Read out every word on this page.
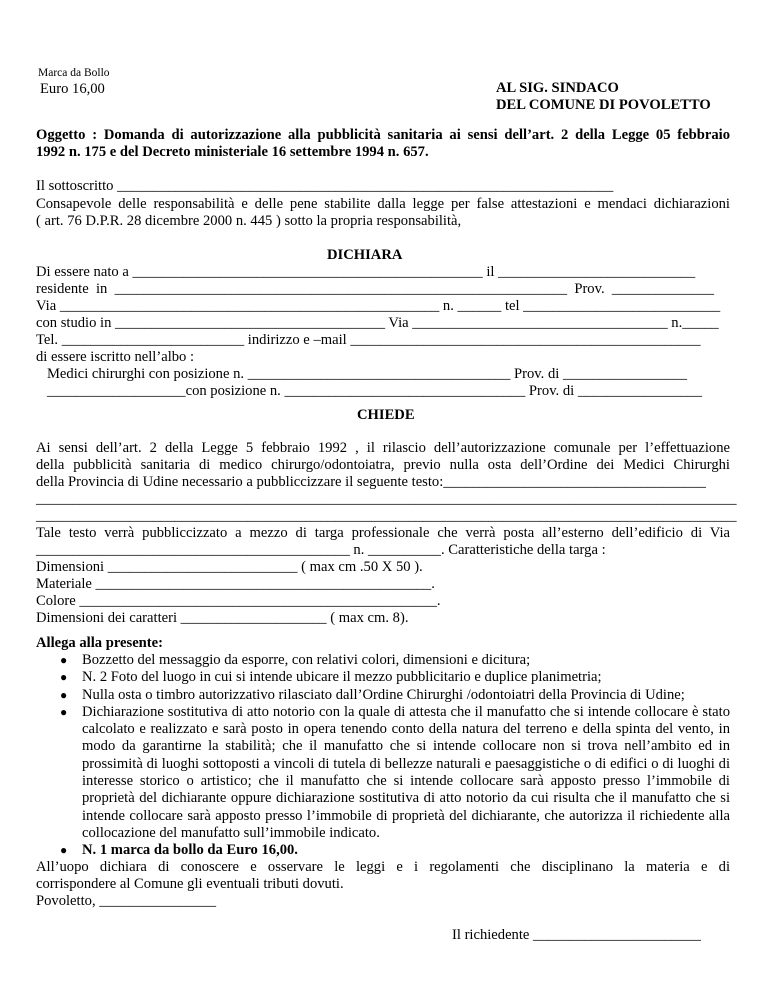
Marca da Bollo
Euro 16,00	AL SIG. SINDACO
DEL COMUNE DI POVOLETTO
Oggetto : Domanda di autorizzazione alla pubblicità sanitaria ai sensi dell’art. 2 della Legge 05 febbraio
1992 n. 175 e del Decreto ministeriale 16 settembre 1994 n. 657.
Il sottoscritto ____________________________________________________________________
Consapevole delle responsabilità e delle pene stabilite dalla legge per false attestazioni e mendaci dichiarazioni
( art. 76 D.P.R. 28 dicembre 2000 n. 445 ) sotto la propria responsabilità,
DICHIARA
Di essere nato a ________________________________________________ il ___________________________
residente  in  ______________________________________________________________  Prov.  ______________
Via ____________________________________________________ n. ______ tel ___________________________
con studio in _____________________________________ Via ___________________________________ n._____
Tel. _________________________ indirizzo e –mail ________________________________________________
di essere iscritto nell’albo :
Medici chirurghi con posizione n. ____________________________________ Prov. di _________________
___________________con posizione n. _________________________________ Prov. di _________________
CHIEDE
Ai sensi dell’art. 2 della Legge 5 febbraio 1992 , il rilascio dell’autorizzazione comunale per l’effettuazione
della pubblicità sanitaria di medico chirurgo/odontoiatra, previo nulla osta dell’Ordine dei Medici Chirurghi
della Provincia di Udine necessario a pubbliccizzare il seguente testo:____________________________________
________________________________________________________________________________________________
________________________________________________________________________________________________
Tale testo verrà pubbliccizzato a mezzo di targa professionale che verrà posta all’esterno dell’edificio di Via
___________________________________________ n. __________. Caratteristiche della targa :
Dimensioni __________________________ ( max cm .50 X 50 ).
Materiale ______________________________________________.
Colore _________________________________________________.
Dimensioni dei caratteri ____________________ ( max cm. 8).
Allega alla presente:
● Bozzetto del messaggio da esporre, con relativi colori, dimensioni e dicitura;
● N. 2 Foto del luogo in cui si intende ubicare il mezzo pubblicitario e duplice planimetria;
● Nulla osta o timbro autorizzativo rilasciato dall’Ordine Chirurghi /odontoiatri della Provincia di Udine;
● Dichiarazione sostitutiva di atto notorio con la quale di attesta che il manufatto che si intende collocare è stato calcolato e realizzato e sarà posto in opera tenendo conto della natura del terreno e della spinta del vento, in modo da garantirne la stabilità; che il manufatto che si intende collocare non si trova nell’ambito ed in prossimità di luoghi sottoposti a vincoli di tutela di bellezze naturali e paesaggistiche o di edifici o di luoghi di interesse storico o artistico; che il manufatto che si intende collocare sarà apposto presso l’immobile di proprietà del dichiarante oppure dichiarazione sostitutiva di atto notorio da cui risulta che il manufatto che si intende collocare sarà apposto presso l’immobile di proprietà del dichiarante, che autorizza il richiedente alla collocazione del manufatto sull’immobile indicato.
● N. 1 marca da bollo da Euro 16,00.
All’uopo dichiara di conoscere e osservare le leggi e i regolamenti che disciplinano la materia e di
corrispondere al Comune gli eventuali tributi dovuti.
Povoletto, ________________
Il richiedente _______________________
